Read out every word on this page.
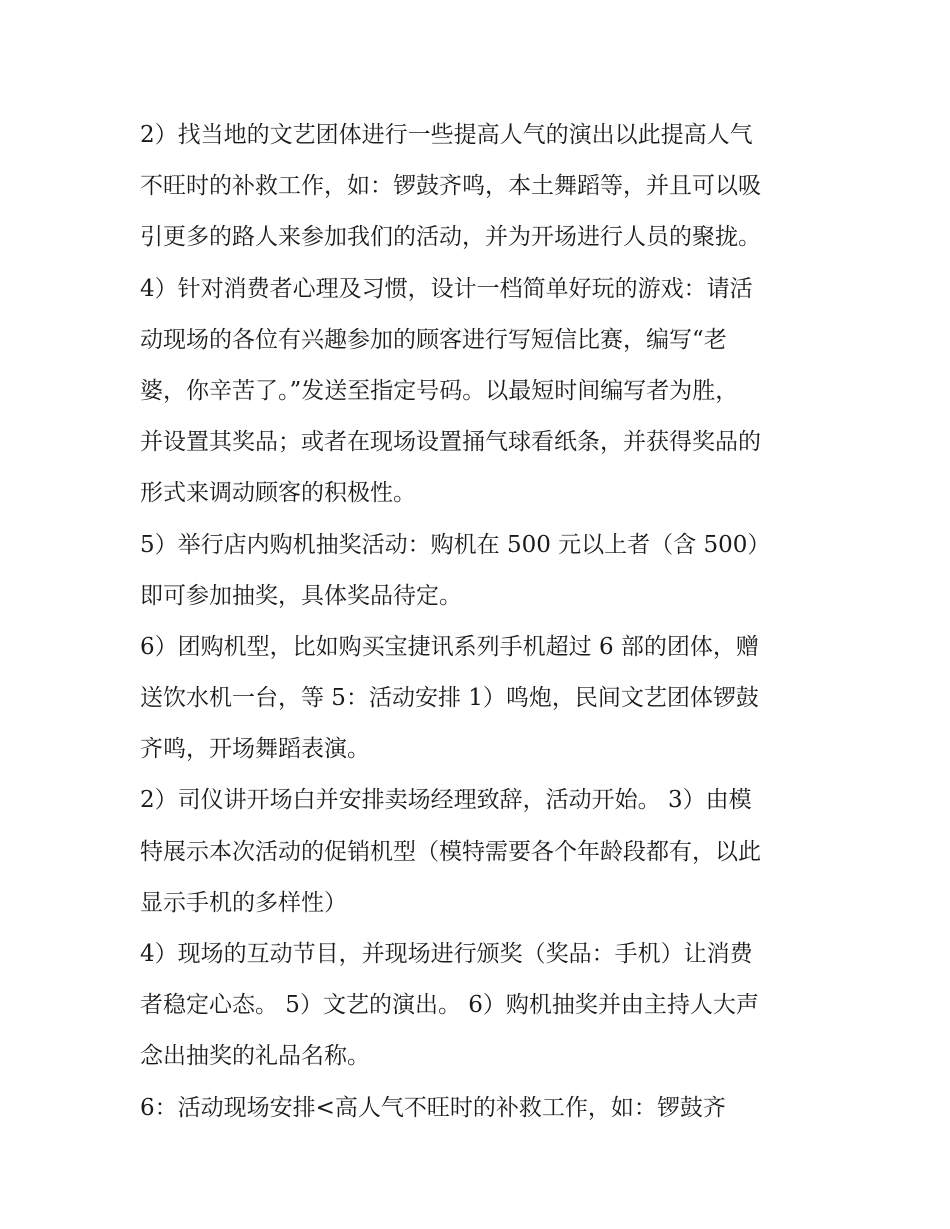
2）找当地的文艺团体进行一些提高人气的演出以此提高人气
不旺时的补救工作，如：锣鼓齐鸣，本土舞蹈等，并且可以吸
引更多的路人来参加我们的活动，并为开场进行人员的聚拢。
4）针对消费者心理及习惯，设计一档简单好玩的游戏：请活
动现场的各位有兴趣参加的顾客进行写短信比赛，编写“老
婆，你辛苦了。”发送至指定号码。以最短时间编写者为胜，
并设置其奖品；或者在现场设置捅气球看纸条，并获得奖品的
形式来调动顾客的积极性。
5）举行店内购机抽奖活动：购机在 500 元以上者（含 500）
即可参加抽奖，具体奖品待定。
6）团购机型，比如购买宝捷讯系列手机超过 6 部的团体，赠
送饮水机一台，等 5：活动安排 1）鸣炮，民间文艺团体锣鼓
齐鸣，开场舞蹈表演。
2）司仪讲开场白并安排卖场经理致辞，活动开始。 3）由模
特展示本次活动的促销机型（模特需要各个年龄段都有，以此
显示手机的多样性）
4）现场的互动节目，并现场进行颁奖（奖品：手机）让消费
者稳定心态。 5）文艺的演出。 6）购机抽奖并由主持人大声
念出抽奖的礼品名称。
6：活动现场安排<高人气不旺时的补救工作，如：锣鼓齐
